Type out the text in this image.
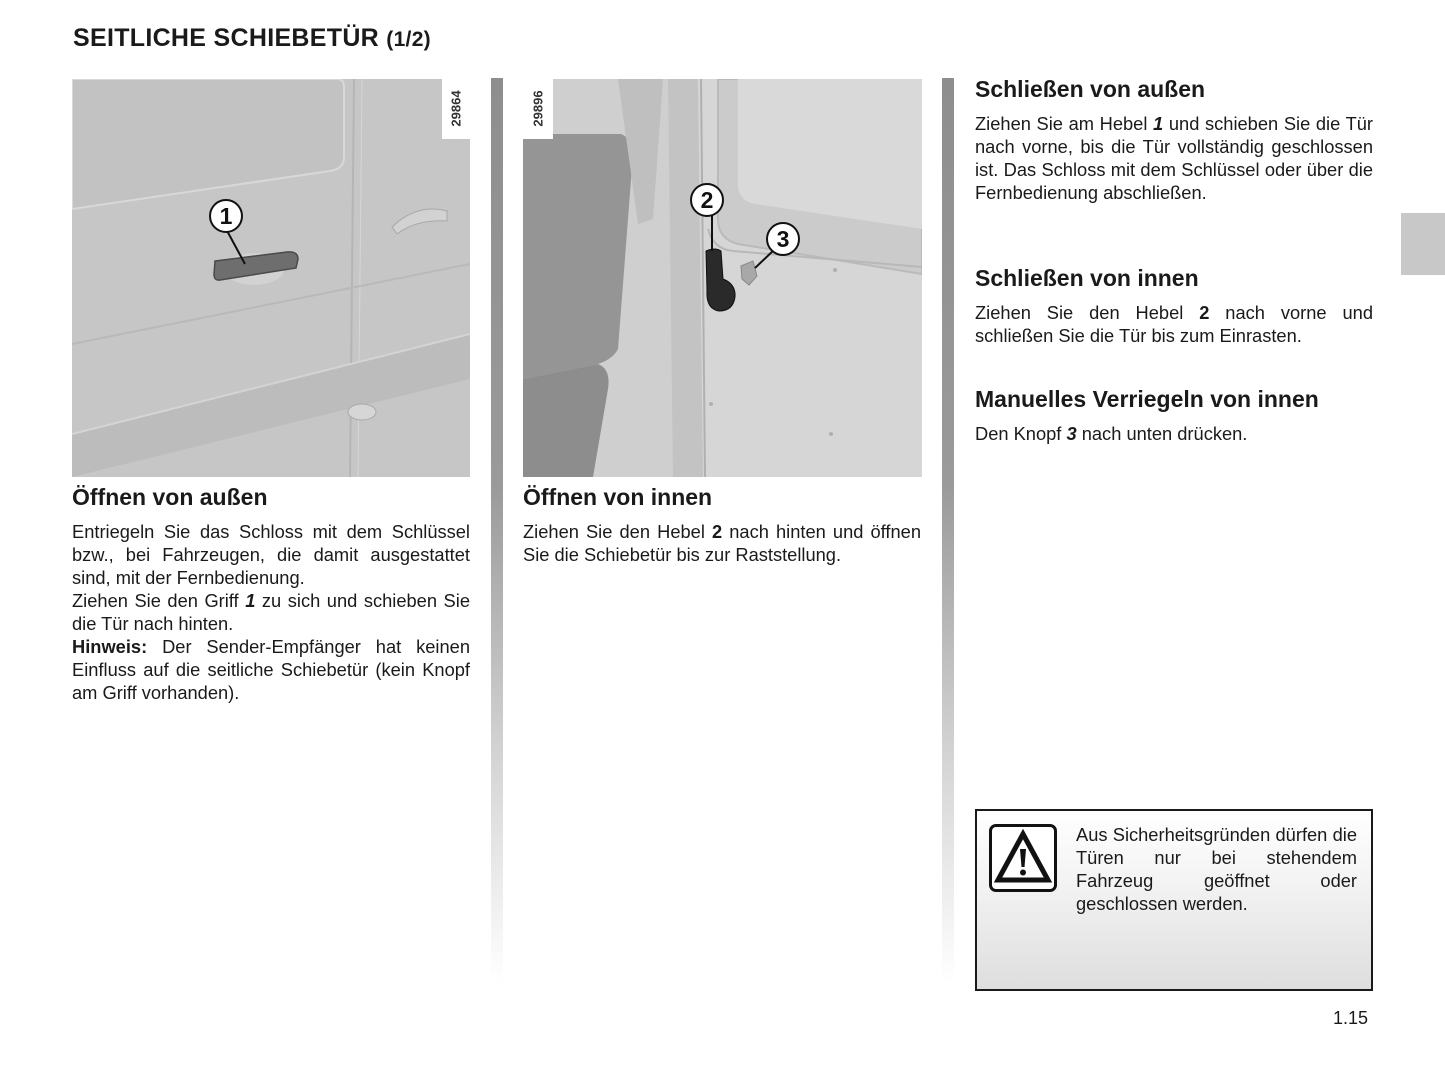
SEITLICHE SCHIEBETÜR (1/2)
1
29864
2
3
29896
Öffnen von außen

Entriegeln Sie das Schloss mit dem Schlüssel bzw., bei Fahrzeugen, die damit ausgestattet sind, mit der Fernbedienung.
Ziehen Sie den Griff 1 zu sich und schieben Sie die Tür nach hinten.
Hinweis: Der Sender-Empfänger hat keinen Einfluss auf die seitliche Schiebetür (kein Knopf am Griff vorhanden).

Öffnen von innen

Ziehen Sie den Hebel 2 nach hinten und öffnen Sie die Schiebetür bis zur Raststellung.

Schließen von außen

Ziehen Sie am Hebel 1 und schieben Sie die Tür nach vorne, bis die Tür vollständig geschlossen ist. Das Schloss mit dem Schlüssel oder über die Fernbedienung abschließen.

Schließen von innen

Ziehen Sie den Hebel 2 nach vorne und schließen Sie die Tür bis zum Einrasten.

Manuelles Verriegeln von innen

Den Knopf 3 nach unten drücken.

Aus Sicherheitsgründen dürfen die Türen nur bei stehendem Fahrzeug geöffnet oder geschlossen werden.
1.15
